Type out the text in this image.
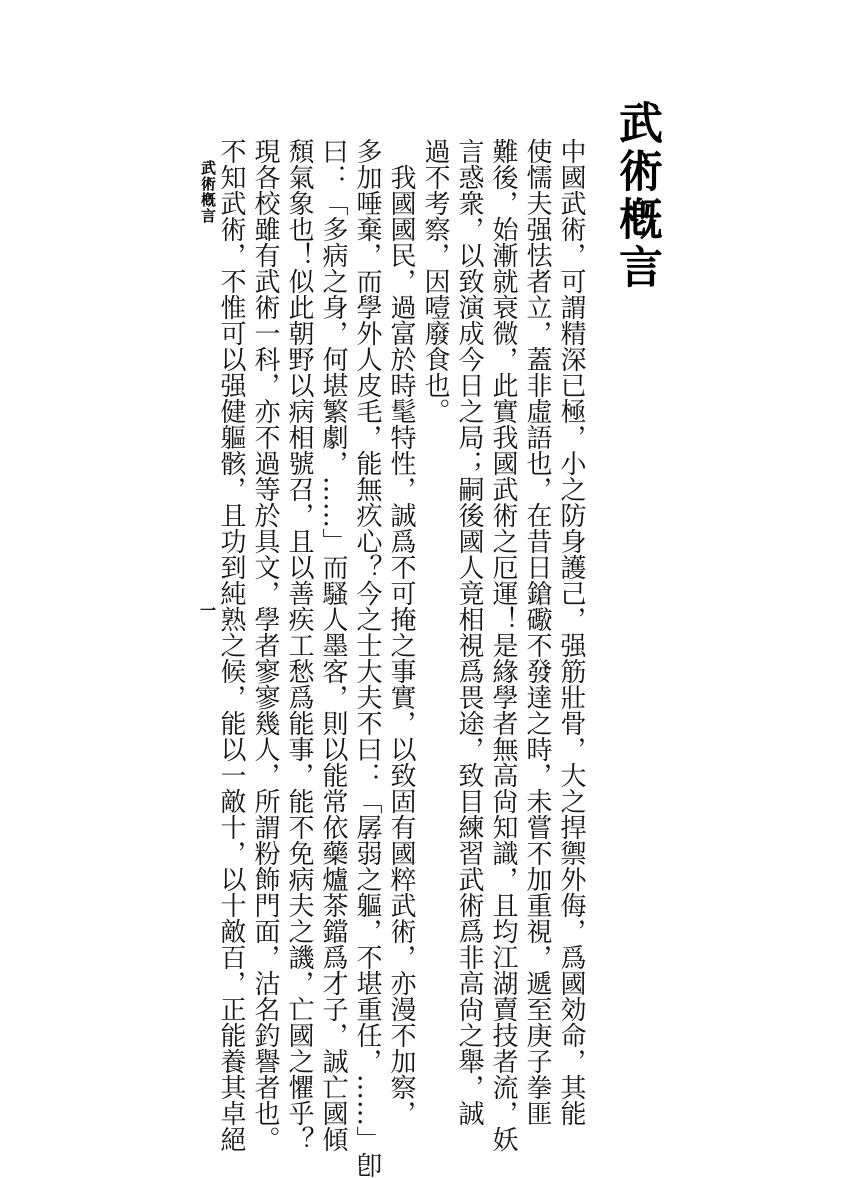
武術槪言
中國武術，可謂精深已極，小之防身護己，强筋壯骨，大之捍禦外侮，爲國効命，其能
使懦夫强怯者立，蓋非虛語也，在昔日鎗礮不發達之時，未嘗不加重視，遞至庚子拳匪
難後，始漸就衰微，此實我國武術之厄運！是緣學者無高尙知識，且均江湖賣技者流，妖
言惑衆，以致演成今日之局；嗣後國人竟相視爲畏途，致目練習武術爲非高尙之舉，誠
過不考察，因噎廢食也。
我國國民，過富於時髦特性，誠爲不可掩之事實，以致固有國粹武術，亦漫不加察，
多加唾棄，而學外人皮毛，能無疚心？今之士大夫不曰：「孱弱之軀，不堪重任，……」卽
曰：「多病之身，何堪繁劇，……」而騷人墨客，則以能常依藥爐茶鐺爲才子，誠亡國傾
頹氣象也！似此朝野以病相號召，且以善疾工愁爲能事，能不免病夫之譏，亡國之懼乎？
現各校雖有武術一科，亦不過等於具文，學者寥寥幾人，所謂粉飾門面，沽名釣譽者也。
不知武術，不惟可以强健軀骸，且功到純熟之候，能以一敵十，以十敵百，正能養其卓絕
武術槪言
一
